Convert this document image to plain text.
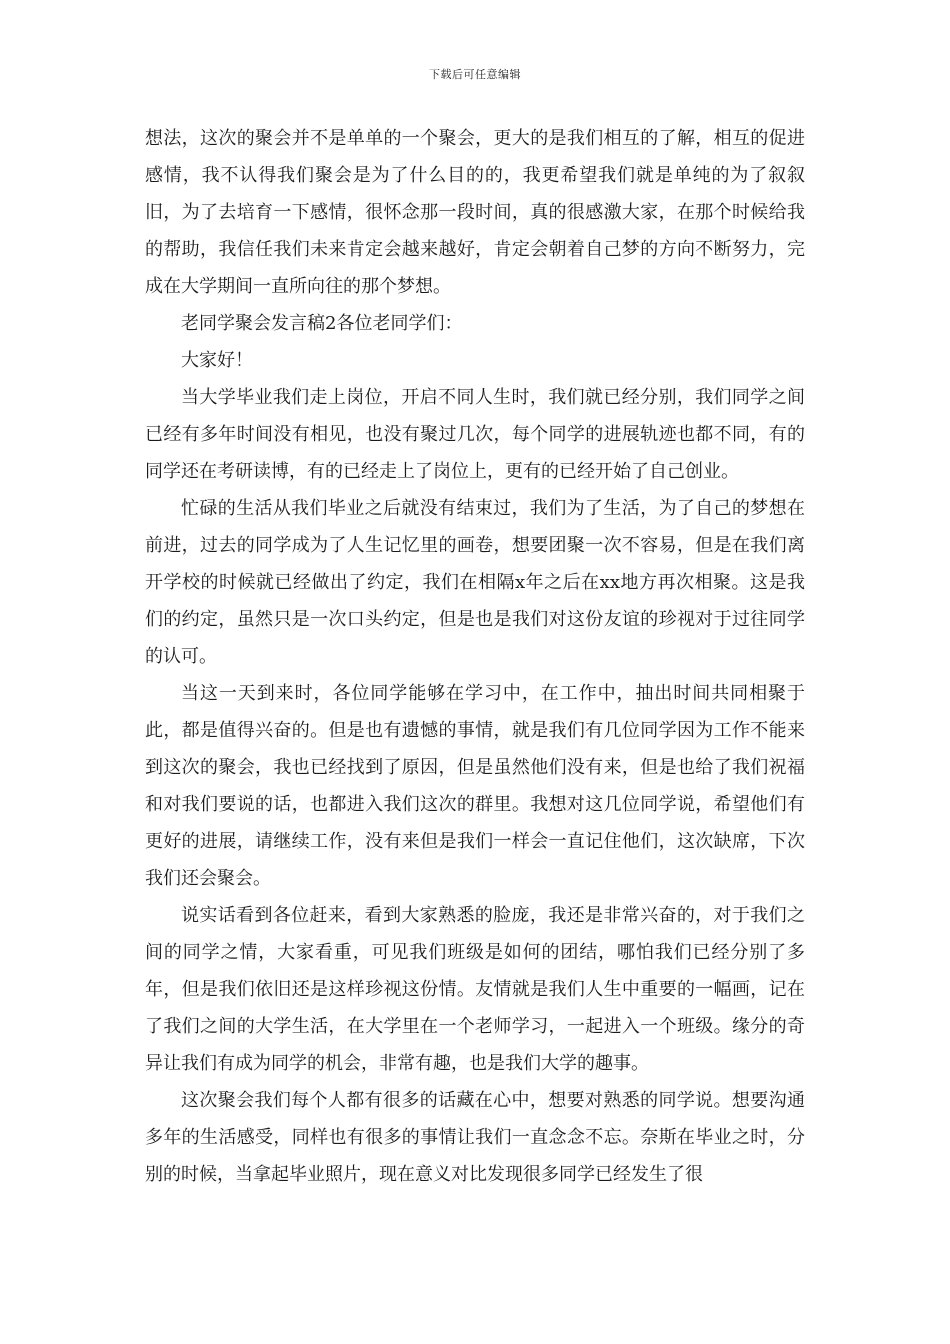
下载后可任意编辑

想法，这次的聚会并不是单单的一个聚会，更大的是我们相互的了解，相互的促进感情，我不认得我们聚会是为了什么目的的，我更希望我们就是单纯的为了叙叙旧，为了去培育一下感情，很怀念那一段时间，真的很感激大家，在那个时候给我的帮助，我信任我们未来肯定会越来越好，肯定会朝着自己梦的方向不断努力，完成在大学期间一直所向往的那个梦想。

老同学聚会发言稿2各位老同学们：

大家好！

当大学毕业我们走上岗位，开启不同人生时，我们就已经分别，我们同学之间已经有多年时间没有相见，也没有聚过几次，每个同学的进展轨迹也都不同，有的同学还在考研读博，有的已经走上了岗位上，更有的已经开始了自己创业。

忙碌的生活从我们毕业之后就没有结束过，我们为了生活，为了自己的梦想在前进，过去的同学成为了人生记忆里的画卷，想要团聚一次不容易，但是在我们离开学校的时候就已经做出了约定，我们在相隔x年之后在xx地方再次相聚。这是我们的约定，虽然只是一次口头约定，但是也是我们对这份友谊的珍视对于过往同学的认可。

当这一天到来时，各位同学能够在学习中，在工作中，抽出时间共同相聚于此，都是值得兴奋的。但是也有遗憾的事情，就是我们有几位同学因为工作不能来到这次的聚会，我也已经找到了原因，但是虽然他们没有来，但是也给了我们祝福和对我们要说的话，也都进入我们这次的群里。我想对这几位同学说，希望他们有更好的进展，请继续工作，没有来但是我们一样会一直记住他们，这次缺席，下次我们还会聚会。

说实话看到各位赶来，看到大家熟悉的脸庞，我还是非常兴奋的，对于我们之间的同学之情，大家看重，可见我们班级是如何的团结，哪怕我们已经分别了多年，但是我们依旧还是这样珍视这份情。友情就是我们人生中重要的一幅画，记在了我们之间的大学生活，在大学里在一个老师学习，一起进入一个班级。缘分的奇异让我们有成为同学的机会，非常有趣，也是我们大学的趣事。

这次聚会我们每个人都有很多的话藏在心中，想要对熟悉的同学说。想要沟通多年的生活感受，同样也有很多的事情让我们一直念念不忘。奈斯在毕业之时，分别的时候，当拿起毕业照片，现在意义对比发现很多同学已经发生了很
